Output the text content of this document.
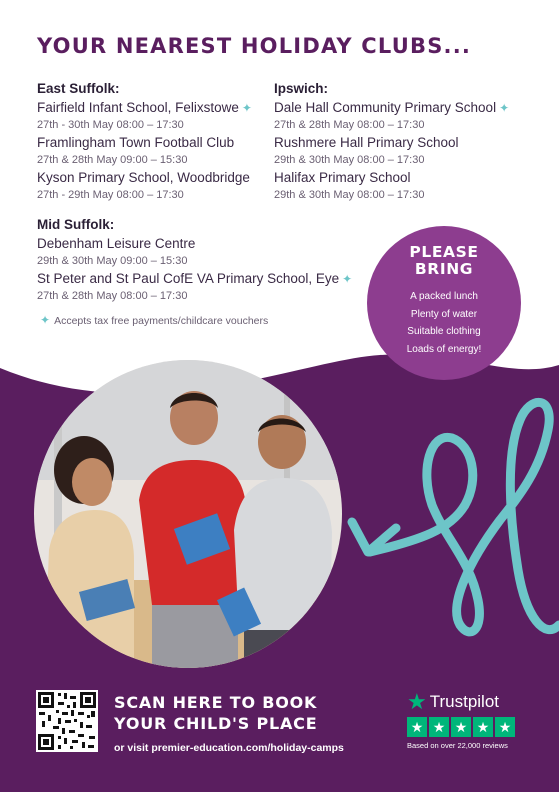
YOUR NEAREST HOLIDAY CLUBS...
East Suffolk:
Fairfield Infant School, Felixstowe ✦
27th - 30th May 08:00 – 17:30
Framlingham Town Football Club
27th & 28th May 09:00 – 15:30
Kyson Primary School, Woodbridge
27th - 29th May 08:00 – 17:30
Ipswich:
Dale Hall Community Primary School ✦
27th & 28th May 08:00 – 17:30
Rushmere Hall Primary School
29th & 30th May 08:00 – 17:30
Halifax Primary School
29th & 30th May 08:00 – 17:30
Mid Suffolk:
Debenham Leisure Centre
29th & 30th May 09:00 – 15:30
St Peter and St Paul CofE VA Primary School, Eye ✦
27th & 28th May 08:00 – 17:30
✦ Accepts tax free payments/childcare vouchers
PLEASE
BRING
A packed lunch
Plenty of water
Suitable clothing
Loads of energy!
SCAN HERE TO BOOK
YOUR CHILD'S PLACE
or visit premier-education.com/holiday-camps
★ Trustpilot
★ ★ ★ ★ ★
Based on over 22,000 reviews
